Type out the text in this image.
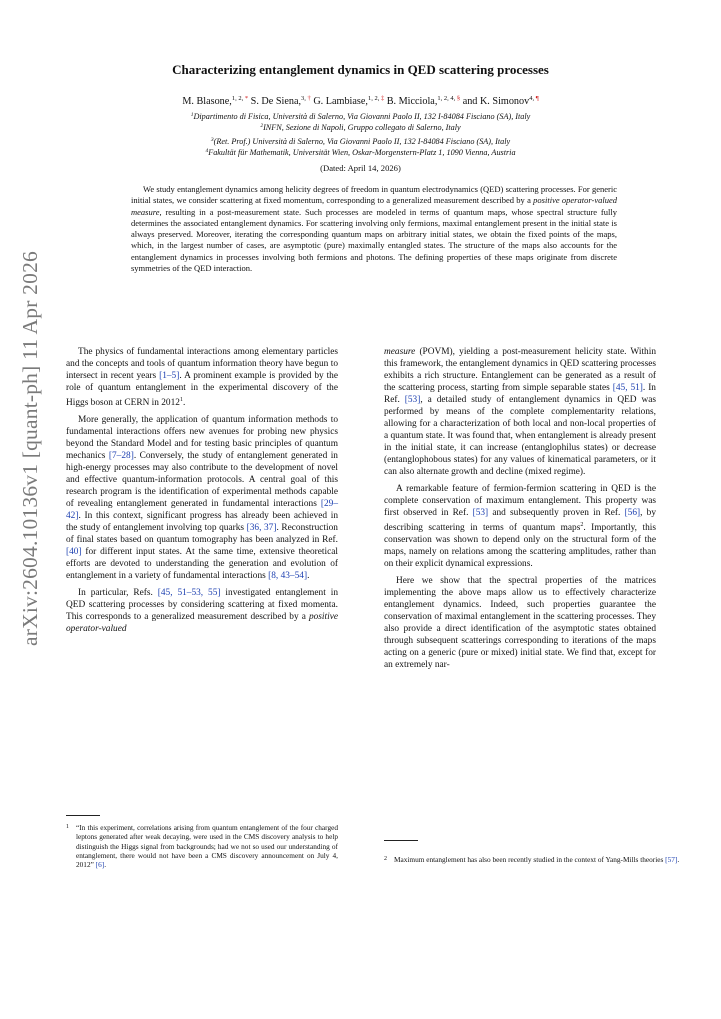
arXiv:2604.10136v1 [quant-ph] 11 Apr 2026
Characterizing entanglement dynamics in QED scattering processes
M. Blasone,$^{1, 2, *}$ S. De Siena,$^{3, \dagger}$ G. Lambiase,$^{1, 2, \ddagger}$ B. Micciola,$^{1, 2, 4, \S}$ and K. Simonov$^{4, \P}$
$^1$Dipartimento di Fisica, Università di Salerno, Via Giovanni Paolo II, 132 I-84084 Fisciano (SA), Italy
$^2$INFN, Sezione di Napoli, Gruppo collegato di Salerno, Italy
$^3$(Ret. Prof.) Università di Salerno, Via Giovanni Paolo II, 132 I-84084 Fisciano (SA), Italy
$^4$Fakultät für Mathematik, Universität Wien, Oskar-Morgenstern-Platz 1, 1090 Vienna, Austria
(Dated: April 14, 2026)
We study entanglement dynamics among helicity degrees of freedom in quantum electrodynamics (QED) scattering processes. For generic initial states, we consider scattering at fixed momentum, corresponding to a generalized measurement described by a positive operator-valued measure, resulting in a post-measurement state. Such processes are modeled in terms of quantum maps, whose spectral structure fully determines the associated entanglement dynamics. For scattering involving only fermions, maximal entanglement present in the initial state is always preserved. Moreover, iterating the corresponding quantum maps on arbitrary initial states, we obtain the fixed points of the maps, which, in the largest number of cases, are asymptotic (pure) maximally entangled states. The structure of the maps also accounts for the entanglement dynamics in processes involving both fermions and photons. The defining properties of these maps originate from discrete symmetries of the QED interaction.

The physics of fundamental interactions among elementary particles and the concepts and tools of quantum information theory have begun to intersect in recent years [1–5]. A prominent example is provided by the role of quantum entanglement in the experimental discovery of the Higgs boson at CERN in 2012$^1$.

More generally, the application of quantum information methods to fundamental interactions offers new avenues for probing new physics beyond the Standard Model and for testing basic principles of quantum mechanics [7–28]. Conversely, the study of entanglement generated in high-energy processes may also contribute to the development of novel and effective quantum-information protocols. A central goal of this research program is the identification of experimental methods capable of revealing entanglement generated in fundamental interactions [29–42]. In this context, significant progress has already been achieved in the study of entanglement involving top quarks [36, 37]. Reconstruction of final states based on quantum tomography has been analyzed in Ref. [40] for different input states. At the same time, extensive theoretical efforts are devoted to understanding the generation and evolution of entanglement in a variety of fundamental interactions [8, 43–54].

In particular, Refs. [45, 51–53, 55] investigated entanglement in QED scattering processes by considering scattering at fixed momenta. This corresponds to a generalized measurement described by a positive operator-valued

1 “In this experiment, correlations arising from quantum entanglement of the four charged leptons generated after weak decaying, were used in the CMS discovery analysis to help distinguish the Higgs signal from backgrounds; had we not so used our understanding of entanglement, there would not have been a CMS discovery announcement on July 4, 2012” [6].

measure (POVM), yielding a post-measurement helicity state. Within this framework, the entanglement dynamics in QED scattering processes exhibits a rich structure. Entanglement can be generated as a result of the scattering process, starting from simple separable states [45, 51]. In Ref. [53], a detailed study of entanglement dynamics in QED was performed by means of the complete complementarity relations, allowing for a characterization of both local and non-local properties of a quantum state. It was found that, when entanglement is already present in the initial state, it can increase (entanglophilus states) or decrease (entanglophobous states) for any values of kinematical parameters, or it can also alternate growth and decline (mixed regime).

A remarkable feature of fermion-fermion scattering in QED is the complete conservation of maximum entanglement. This property was first observed in Ref. [53] and subsequently proven in Ref. [56], by describing scattering in terms of quantum maps$^2$. Importantly, this conservation was shown to depend only on the structural form of the maps, namely on relations among the scattering amplitudes, rather than on their explicit dynamical expressions.

Here we show that the spectral properties of the matrices implementing the above maps allow us to effectively characterize entanglement dynamics. Indeed, such properties guarantee the conservation of maximal entanglement in the scattering processes. They also provide a direct identification of the asymptotic states obtained through subsequent scatterings corresponding to iterations of the maps acting on a generic (pure or mixed) initial state. We find that, except for an extremely nar-

2 Maximum entanglement has also been recently studied in the context of Yang-Mills theories [57].
